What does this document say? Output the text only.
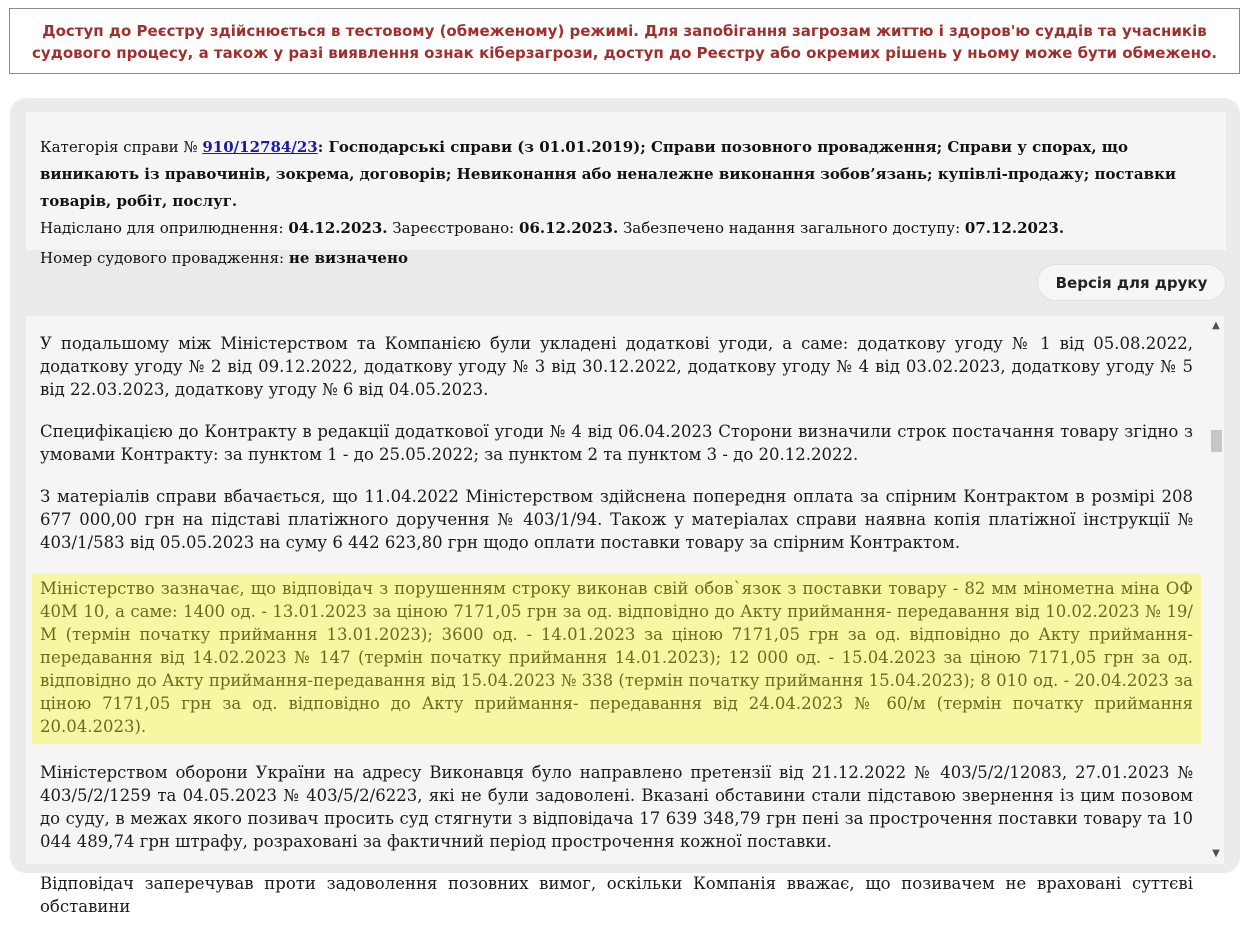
Доступ до Реєстру здійснюється в тестовому (обмеженому) режимі. Для запобігання загрозам життю і здоров'ю суддів та учасників судового процесу, а також у разі виявлення ознак кіберзагрози, доступ до Реєстру або окремих рішень у ньому може бути обмежено.
Категорія справи № 910/12784/23: Господарські справи (з 01.01.2019); Справи позовного провадження; Справи у спорах, що виникають із правочинів, зокрема, договорів; Невиконання або неналежне виконання зобов’язань; купівлі-продажу; поставки товарів, робіт, послуг.
Надіслано для оприлюднення: 04.12.2023. Зареєстровано: 06.12.2023. Забезпечено надання загального доступу: 07.12.2023.
Номер судового провадження: не визначено
Версія для друку

У подальшому між Міністерством та Компанією були укладені додаткові угоди, а саме: додаткову угоду № 1 від 05.08.2022, додаткову угоду № 2 від 09.12.2022, додаткову угоду № 3 від 30.12.2022, додаткову угоду № 4 від 03.02.2023, додаткову угоду № 5 від 22.03.2023, додаткову угоду № 6 від 04.05.2023.

Специфікацією до Контракту в редакції додаткової угоди № 4 від 06.04.2023 Сторони визначили строк постачання товару згідно з умовами Контракту: за пунктом 1 - до 25.05.2022; за пунктом 2 та пунктом 3 - до 20.12.2022.

З матеріалів справи вбачається, що 11.04.2022 Міністерством здійснена попередня оплата за спірним Контрактом в розмірі 208 677 000,00 грн на підставі платіжного доручення № 403/1/94. Також у матеріалах справи наявна копія платіжної інструкції № 403/1/583 від 05.05.2023 на суму 6 442 623,80 грн щодо оплати поставки товару за спірним Контрактом.

Міністерство зазначає, що відповідач з порушенням строку виконав свій обов`язок з поставки товару - 82 мм мінометна міна ОФ 40М 10, а саме: 1400 од. - 13.01.2023 за ціною 7171,05 грн за од. відповідно до Акту приймання- передавання від 10.02.2023 № 19/М (термін початку приймання 13.01.2023); 3600 од. - 14.01.2023 за ціною 7171,05 грн за од. відповідно до Акту приймання- передавання від 14.02.2023 № 147 (термін початку приймання 14.01.2023); 12 000 од. - 15.04.2023 за ціною 7171,05 грн за од. відповідно до Акту приймання-передавання від 15.04.2023 № 338 (термін початку приймання 15.04.2023); 8 010 од. - 20.04.2023 за ціною 7171,05 грн за од. відповідно до Акту приймання- передавання від 24.04.2023 № 60/м (термін початку приймання 20.04.2023).

Міністерством оборони України на адресу Виконавця було направлено претензії від 21.12.2022 № 403/5/2/12083, 27.01.2023 № 403/5/2/1259 та 04.05.2023 № 403/5/2/6223, які не були задоволені. Вказані обставини стали підставою звернення із цим позовом до суду, в межах якого позивач просить суд стягнути з відповідача 17 639 348,79 грн пені за прострочення поставки товару та 10 044 489,74 грн штрафу, розраховані за фактичний період прострочення кожної поставки.

Відповідач заперечував проти задоволення позовних вимог, оскільки Компанія вважає, що позивачем не враховані суттєві обставини

▲
▼
